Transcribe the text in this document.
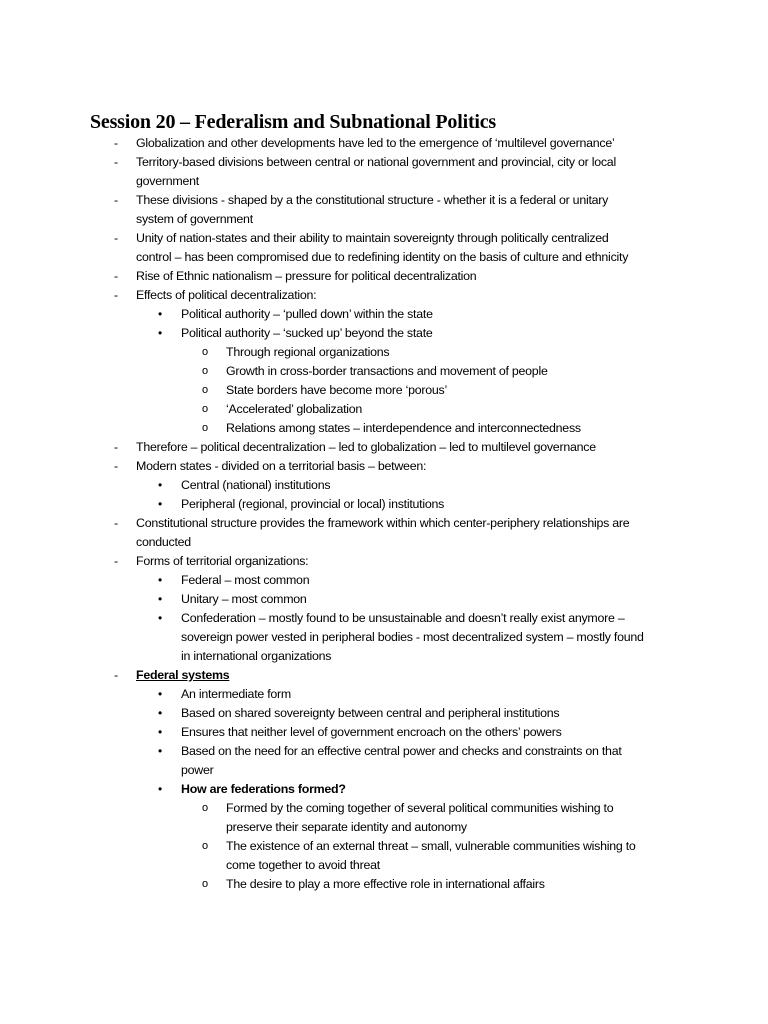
Session 20 – Federalism and Subnational Politics
- Globalization and other developments have led to the emergence of ‘multilevel governance’
- Territory-based divisions between central or national government and provincial, city or local
government
- These divisions - shaped by a the constitutional structure - whether it is a federal or unitary
system of government
- Unity of nation-states and their ability to maintain sovereignty through politically centralized
control – has been compromised due to redefining identity on the basis of culture and ethnicity
- Rise of Ethnic nationalism – pressure for political decentralization
- Effects of political decentralization:
• Political authority – ‘pulled down’ within the state
• Political authority – ‘sucked up’ beyond the state
o Through regional organizations
o Growth in cross-border transactions and movement of people
o State borders have become more ‘porous’
o ‘Accelerated’ globalization
o Relations among states – interdependence and interconnectedness
- Therefore – political decentralization – led to globalization – led to multilevel governance
- Modern states - divided on a territorial basis – between:
• Central (national) institutions
• Peripheral (regional, provincial or local) institutions
- Constitutional structure provides the framework within which center-periphery relationships are
conducted
- Forms of territorial organizations:
• Federal – most common
• Unitary – most common
• Confederation – mostly found to be unsustainable and doesn’t really exist anymore –
sovereign power vested in peripheral bodies - most decentralized system – mostly found
in international organizations
- Federal systems
• An intermediate form
• Based on shared sovereignty between central and peripheral institutions
• Ensures that neither level of government encroach on the others’ powers
• Based on the need for an effective central power and checks and constraints on that
power
• How are federations formed?
o Formed by the coming together of several political communities wishing to
preserve their separate identity and autonomy
o The existence of an external threat – small, vulnerable communities wishing to
come together to avoid threat
o The desire to play a more effective role in international affairs
